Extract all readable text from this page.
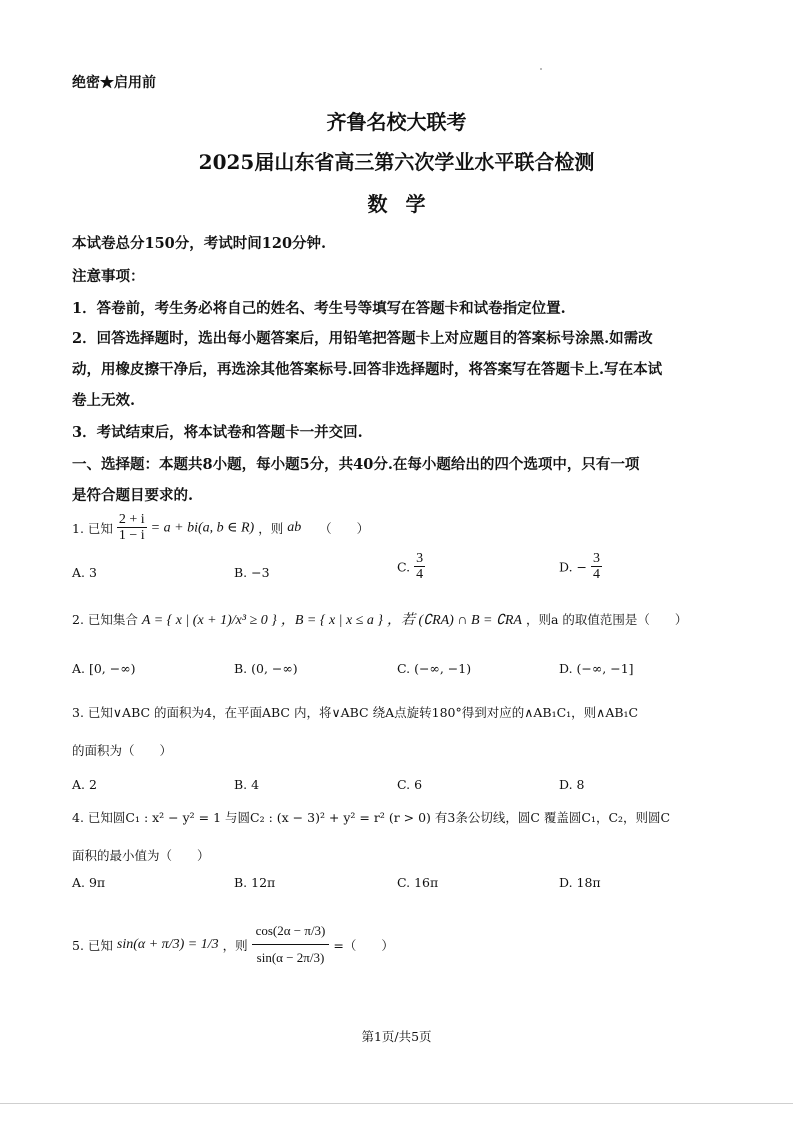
绝密★启用前
齐鲁名校大联考
2025届山东省高三第六次学业水平联合检测
数学
本试卷总分150分，考试时间120分钟.
注意事项：
1．答卷前，考生务必将自己的姓名、考生号等填写在答题卡和试卷指定位置.
2．回答选择题时，选出每小题答案后，用铅笔把答题卡上对应题目的答案标号涂黑.如需改
动，用橡皮擦干净后，再选涂其他答案标号.回答非选择题时，将答案写在答题卡上.写在本试
卷上无效.
3．考试结束后，将本试卷和答题卡一并交回.
一、选择题：本题共8小题，每小题5分，共40分.在每小题给出的四个选项中，只有一项
是符合题目要求的.
1. 已知 $\frac{2 + i}{1 - i} = a + bi(a$, b ∈ R) ，则 ab （　　）
A. 3	B. −3	C. $\frac{3}{4}$	D. − $\frac{3}{4}$
2. 已知集合 A = { x | (x + 1)/x³ ≥ 0 } ，B = { x | x ≤ a } ，若 (∁RA) ∩ B = ∁RA ，则a 的取值范围是（　　）
A. [0, −∞)	B. (0, −∞)	C. (−∞, −1)	D. (−∞, −1]
3. 已知∨ABC 的面积为4，在平面ABC 内，将∨ABC 绕A点旋转180°得到对应的∧AB₁C₁，则∧AB₁C
的面积为（　　）
A. 2	B. 4	C. 6	D. 8
4. 已知圆C₁ : x² − y² = 1 与圆C₂ : (x − 3)² + y² = r² (r > 0) 有3条公切线，圆C 覆盖圆C₁，C₂，则圆C
面积的最小值为（　　）
A. 9π	B. 12π	C. 16π	D. 18π
5. 已知 sin(α + π/3) = 1/3 ，则 $\frac{\cos(2\alpha - \pi/3)}{\sin(\alpha - 2\pi/3)}$ =（　　）
第1页/共5页
